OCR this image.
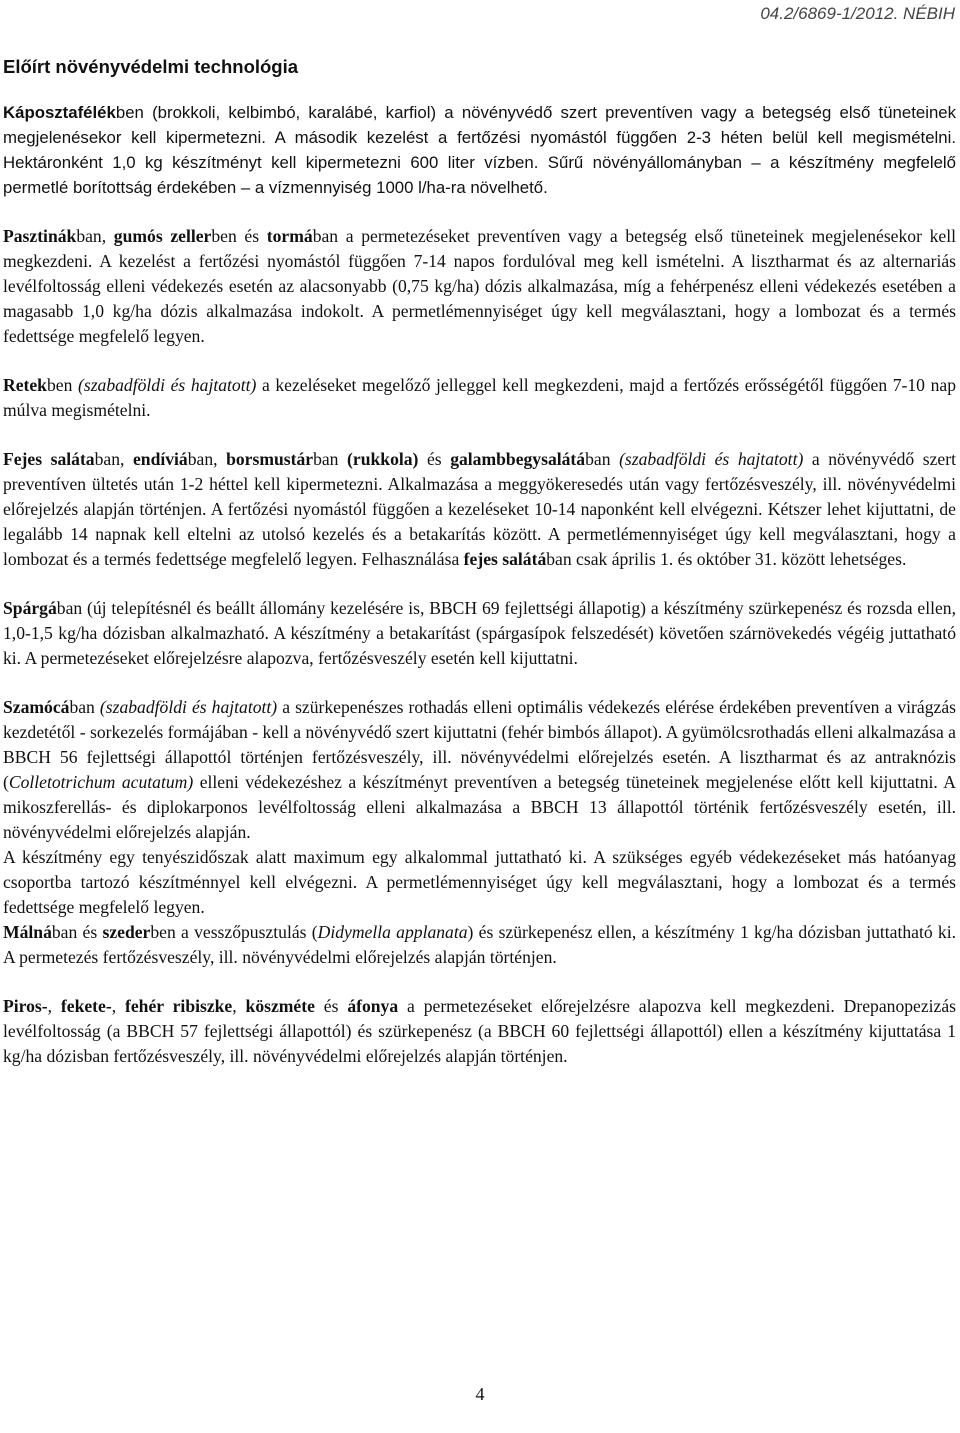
04.2/6869-1/2012. NÉBIH
Előírt növényvédelmi technológia

Káposztafélékben (brokkoli, kelbimbó, karalábé, karfiol) a növényvédő szert preventíven vagy a betegség első tüneteinek megjelenésekor kell kipermetezni. A második kezelést a fertőzési nyomástól függően 2-3 héten belül kell megismételni. Hektáronként 1,0 kg készítményt kell kipermetezni 600 liter vízben. Sűrű növényállományban – a készítmény megfelelő permetlé borítottság érdekében – a vízmennyiség 1000 l/ha-ra növelhető.

Pasztinákban, gumós zellerben és tormában a permetezéseket preventíven vagy a betegség első tüneteinek megjelenésekor kell megkezdeni. A kezelést a fertőzési nyomástól függően 7-14 napos fordulóval meg kell ismételni. A lisztharmat és az alternariás levélfoltosság elleni védekezés esetén az alacsonyabb (0,75 kg/ha) dózis alkalmazása, míg a fehérpenész elleni védekezés esetében a magasabb 1,0 kg/ha dózis alkalmazása indokolt. A permetlémennyiséget úgy kell megválasztani, hogy a lombozat és a termés fedettsége megfelelő legyen.

Retekben (szabadföldi és hajtatott) a kezeléseket megelőző jelleggel kell megkezdeni, majd a fertőzés erősségétől függően 7-10 nap múlva megismételni.

Fejes salátaban, endíviában, borsmustárban (rukkola) és galambbegysalátában (szabadföldi és hajtatott) a növényvédő szert preventíven ültetés után 1-2 héttel kell kipermetezni. Alkalmazása a meggyökeresedés után vagy fertőzésveszély, ill. növényvédelmi előrejelzés alapján történjen. A fertőzési nyomástól függően a kezeléseket 10-14 naponként kell elvégezni. Kétszer lehet kijuttatni, de legalább 14 napnak kell eltelni az utolsó kezelés és a betakarítás között. A permetlémennyiséget úgy kell megválasztani, hogy a lombozat és a termés fedettsége megfelelő legyen. Felhasználása fejes salátában csak április 1. és október 31. között lehetséges.

Spárgában (új telepítésnél és beállt állomány kezelésére is, BBCH 69 fejlettségi állapotig) a készítmény szürkepenész és rozsda ellen, 1,0-1,5 kg/ha dózisban alkalmazható. A készítmény a betakarítást (spárgasípok felszedését) követően szárnövekedés végéig juttatható ki. A permetezéseket előrejelzésre alapozva, fertőzésveszély esetén kell kijuttatni.

Szamócában (szabadföldi és hajtatott) a szürkepenészes rothadás elleni optimális védekezés elérése érdekében preventíven a virágzás kezdetétől - sorkezelés formájában - kell a növényvédő szert kijuttatni (fehér bimbós állapot). A gyümölcsrothadás elleni alkalmazása a BBCH 56 fejlettségi állapottól történjen fertőzésveszély, ill. növényvédelmi előrejelzés esetén. A lisztharmat és az antraknózis (Colletotrichum acutatum) elleni védekezéshez a készítményt preventíven a betegség tüneteinek megjelenése előtt kell kijuttatni. A mikoszferellás- és diplokarponos levélfoltosság elleni alkalmazása a BBCH 13 állapottól történik fertőzésveszély esetén, ill. növényvédelmi előrejelzés alapján.

A készítmény egy tenyészidőszak alatt maximum egy alkalommal juttatható ki. A szükséges egyéb védekezéseket más hatóanyag csoportba tartozó készítménnyel kell elvégezni. A permetlémennyiséget úgy kell megválasztani, hogy a lombozat és a termés fedettsége megfelelő legyen.

Málnában és szederben a vesszőpusztulás (Didymella applanata) és szürkepenész ellen, a készítmény 1 kg/ha dózisban juttatható ki. A permetezés fertőzésveszély, ill. növényvédelmi előrejelzés alapján történjen.

Piros-, fekete-, fehér ribiszke, köszméte és áfonya a permetezéseket előrejelzésre alapozva kell megkezdeni. Drepanopezizás levélfoltosság (a BBCH 57 fejlettségi állapottól) és szürkepenész (a BBCH 60 fejlettségi állapottól) ellen a készítmény kijuttatása 1 kg/ha dózisban fertőzésveszély, ill. növényvédelmi előrejelzés alapján történjen.

4
